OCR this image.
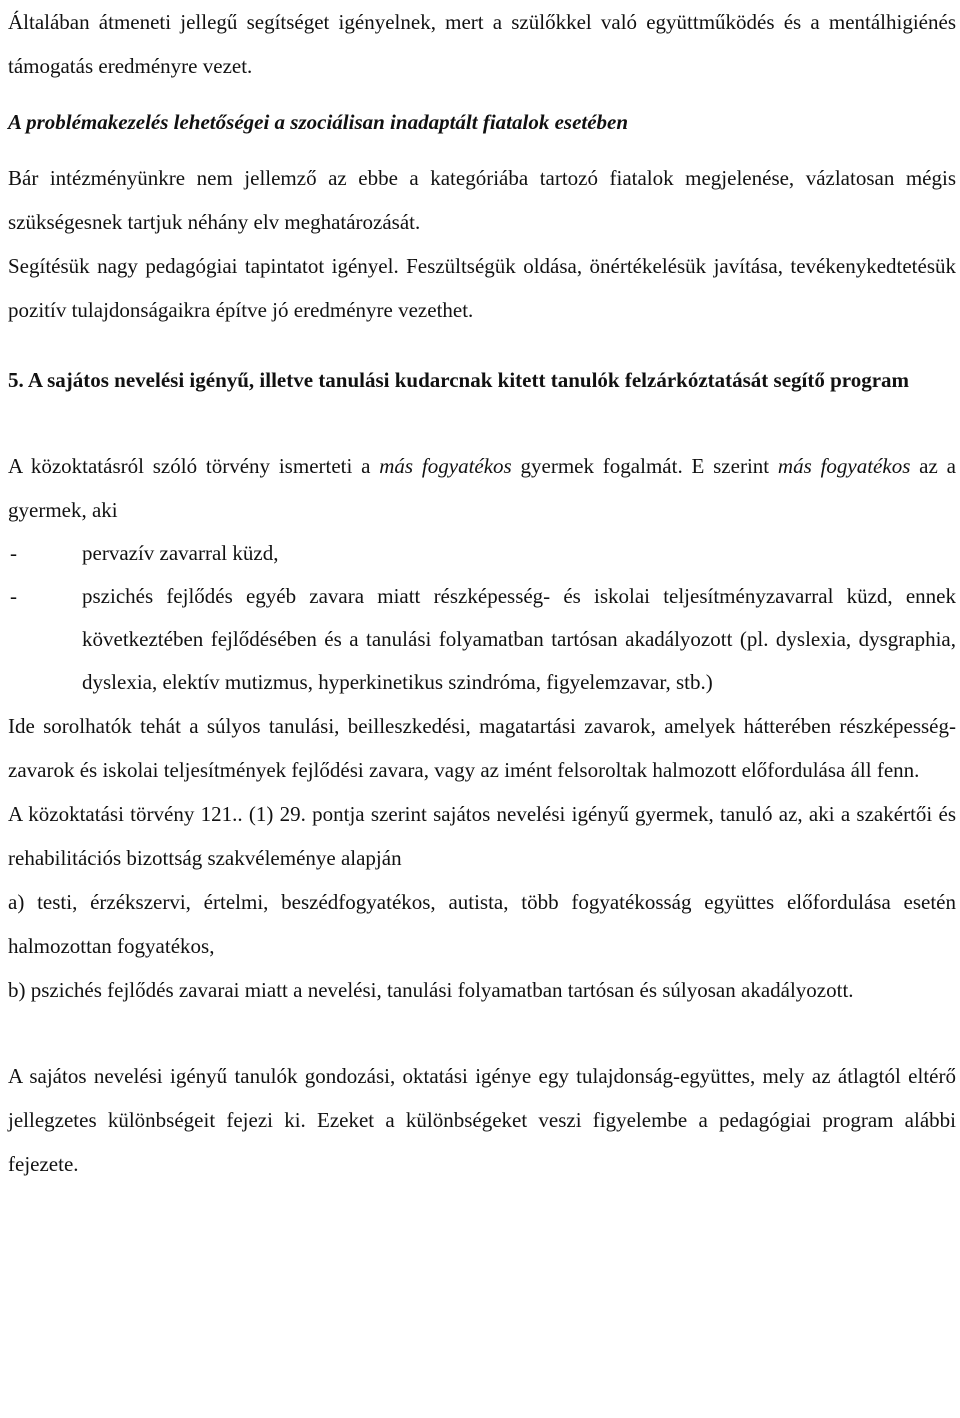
Általában átmeneti jellegű segítséget igényelnek, mert a szülőkkel való együttműködés és a mentálhigiénés támogatás eredményre vezet.

A problémakezelés lehetőségei a szociálisan inadaptált fiatalok esetében

Bár intézményünkre nem jellemző az ebbe a kategóriába tartozó fiatalok megjelenése, vázlatosan mégis szükségesnek tartjuk néhány elv meghatározását.

Segítésük nagy pedagógiai tapintatot igényel. Feszültségük oldása, önértékelésük javítása, tevékenykedtetésük pozitív tulajdonságaikra építve jó eredményre vezethet.

5. A sajátos nevelési igényű, illetve tanulási kudarcnak kitett tanulók felzárkóztatását segítő program

A közoktatásról szóló törvény ismerteti a más fogyatékos gyermek fogalmát. E szerint más fogyatékos az a gyermek, aki

-	pervazív zavarral küzd,
-	pszichés fejlődés egyéb zavara miatt részképesség- és iskolai teljesítményzavarral küzd, ennek következtében fejlődésében és a tanulási folyamatban tartósan akadályozott (pl. dyslexia, dysgraphia, dyslexia, elektív mutizmus, hyperkinetikus szindróma, figyelemzavar, stb.)

Ide sorolhatók tehát a súlyos tanulási, beilleszkedési, magatartási zavarok, amelyek hátterében részképesség-zavarok és iskolai teljesítmények fejlődési zavara, vagy az imént felsoroltak halmozott előfordulása áll fenn.

A közoktatási törvény 121.. (1) 29. pontja szerint sajátos nevelési igényű gyermek, tanuló az, aki a szakértői és rehabilitációs bizottság szakvéleménye alapján

a) testi, érzékszervi, értelmi, beszédfogyatékos, autista, több fogyatékosság együttes előfordulása esetén halmozottan fogyatékos,

b) pszichés fejlődés zavarai miatt a nevelési, tanulási folyamatban tartósan és súlyosan akadályozott.

A sajátos nevelési igényű tanulók gondozási, oktatási igénye egy tulajdonság-együttes, mely az átlagtól eltérő jellegzetes különbségeit fejezi ki. Ezeket a különbségeket veszi figyelembe a pedagógiai program alábbi fejezete.
